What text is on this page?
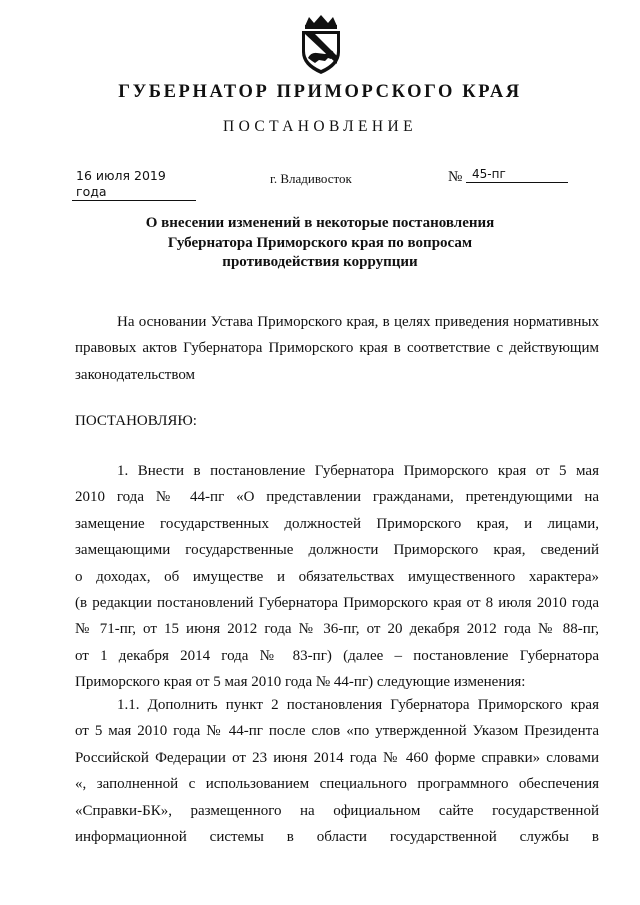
ГУБЕРНАТОР ПРИМОРСКОГО КРАЯ
ПОСТАНОВЛЕНИЕ
16 июля 2019 года
г. Владивосток	№ 45-пг
О внесении изменений в некоторые постановления
Губернатора Приморского края по вопросам
противодействия коррупции
На основании Устава Приморского края, в целях приведения нормативных
правовых актов Губернатора Приморского края в соответствие с действующим
законодательством
ПОСТАНОВЛЯЮ:
1. Внести в постановление Губернатора Приморского края от 5 мая
2010 года № 44-пг «О представлении гражданами, претендующими на
замещение государственных должностей Приморского края, и лицами,
замещающими государственные должности Приморского края, сведений
о доходах, об имуществе и обязательствах имущественного характера»
(в редакции постановлений Губернатора Приморского края от 8 июля 2010 года
№ 71-пг, от 15 июня 2012 года № 36-пг, от 20 декабря 2012 года № 88-пг,
от 1 декабря 2014 года № 83-пг) (далее – постановление Губернатора
Приморского края от 5 мая 2010 года № 44-пг) следующие изменения:
1.1. Дополнить пункт 2 постановления Губернатора Приморского края
от 5 мая 2010 года № 44-пг после слов «по утвержденной Указом Президента
Российской Федерации от 23 июня 2014 года № 460 форме справки» словами
«, заполненной с использованием специального программного обеспечения
«Справки-БК», размещенного на официальном сайте государственной
информационной системы в области государственной службы в
